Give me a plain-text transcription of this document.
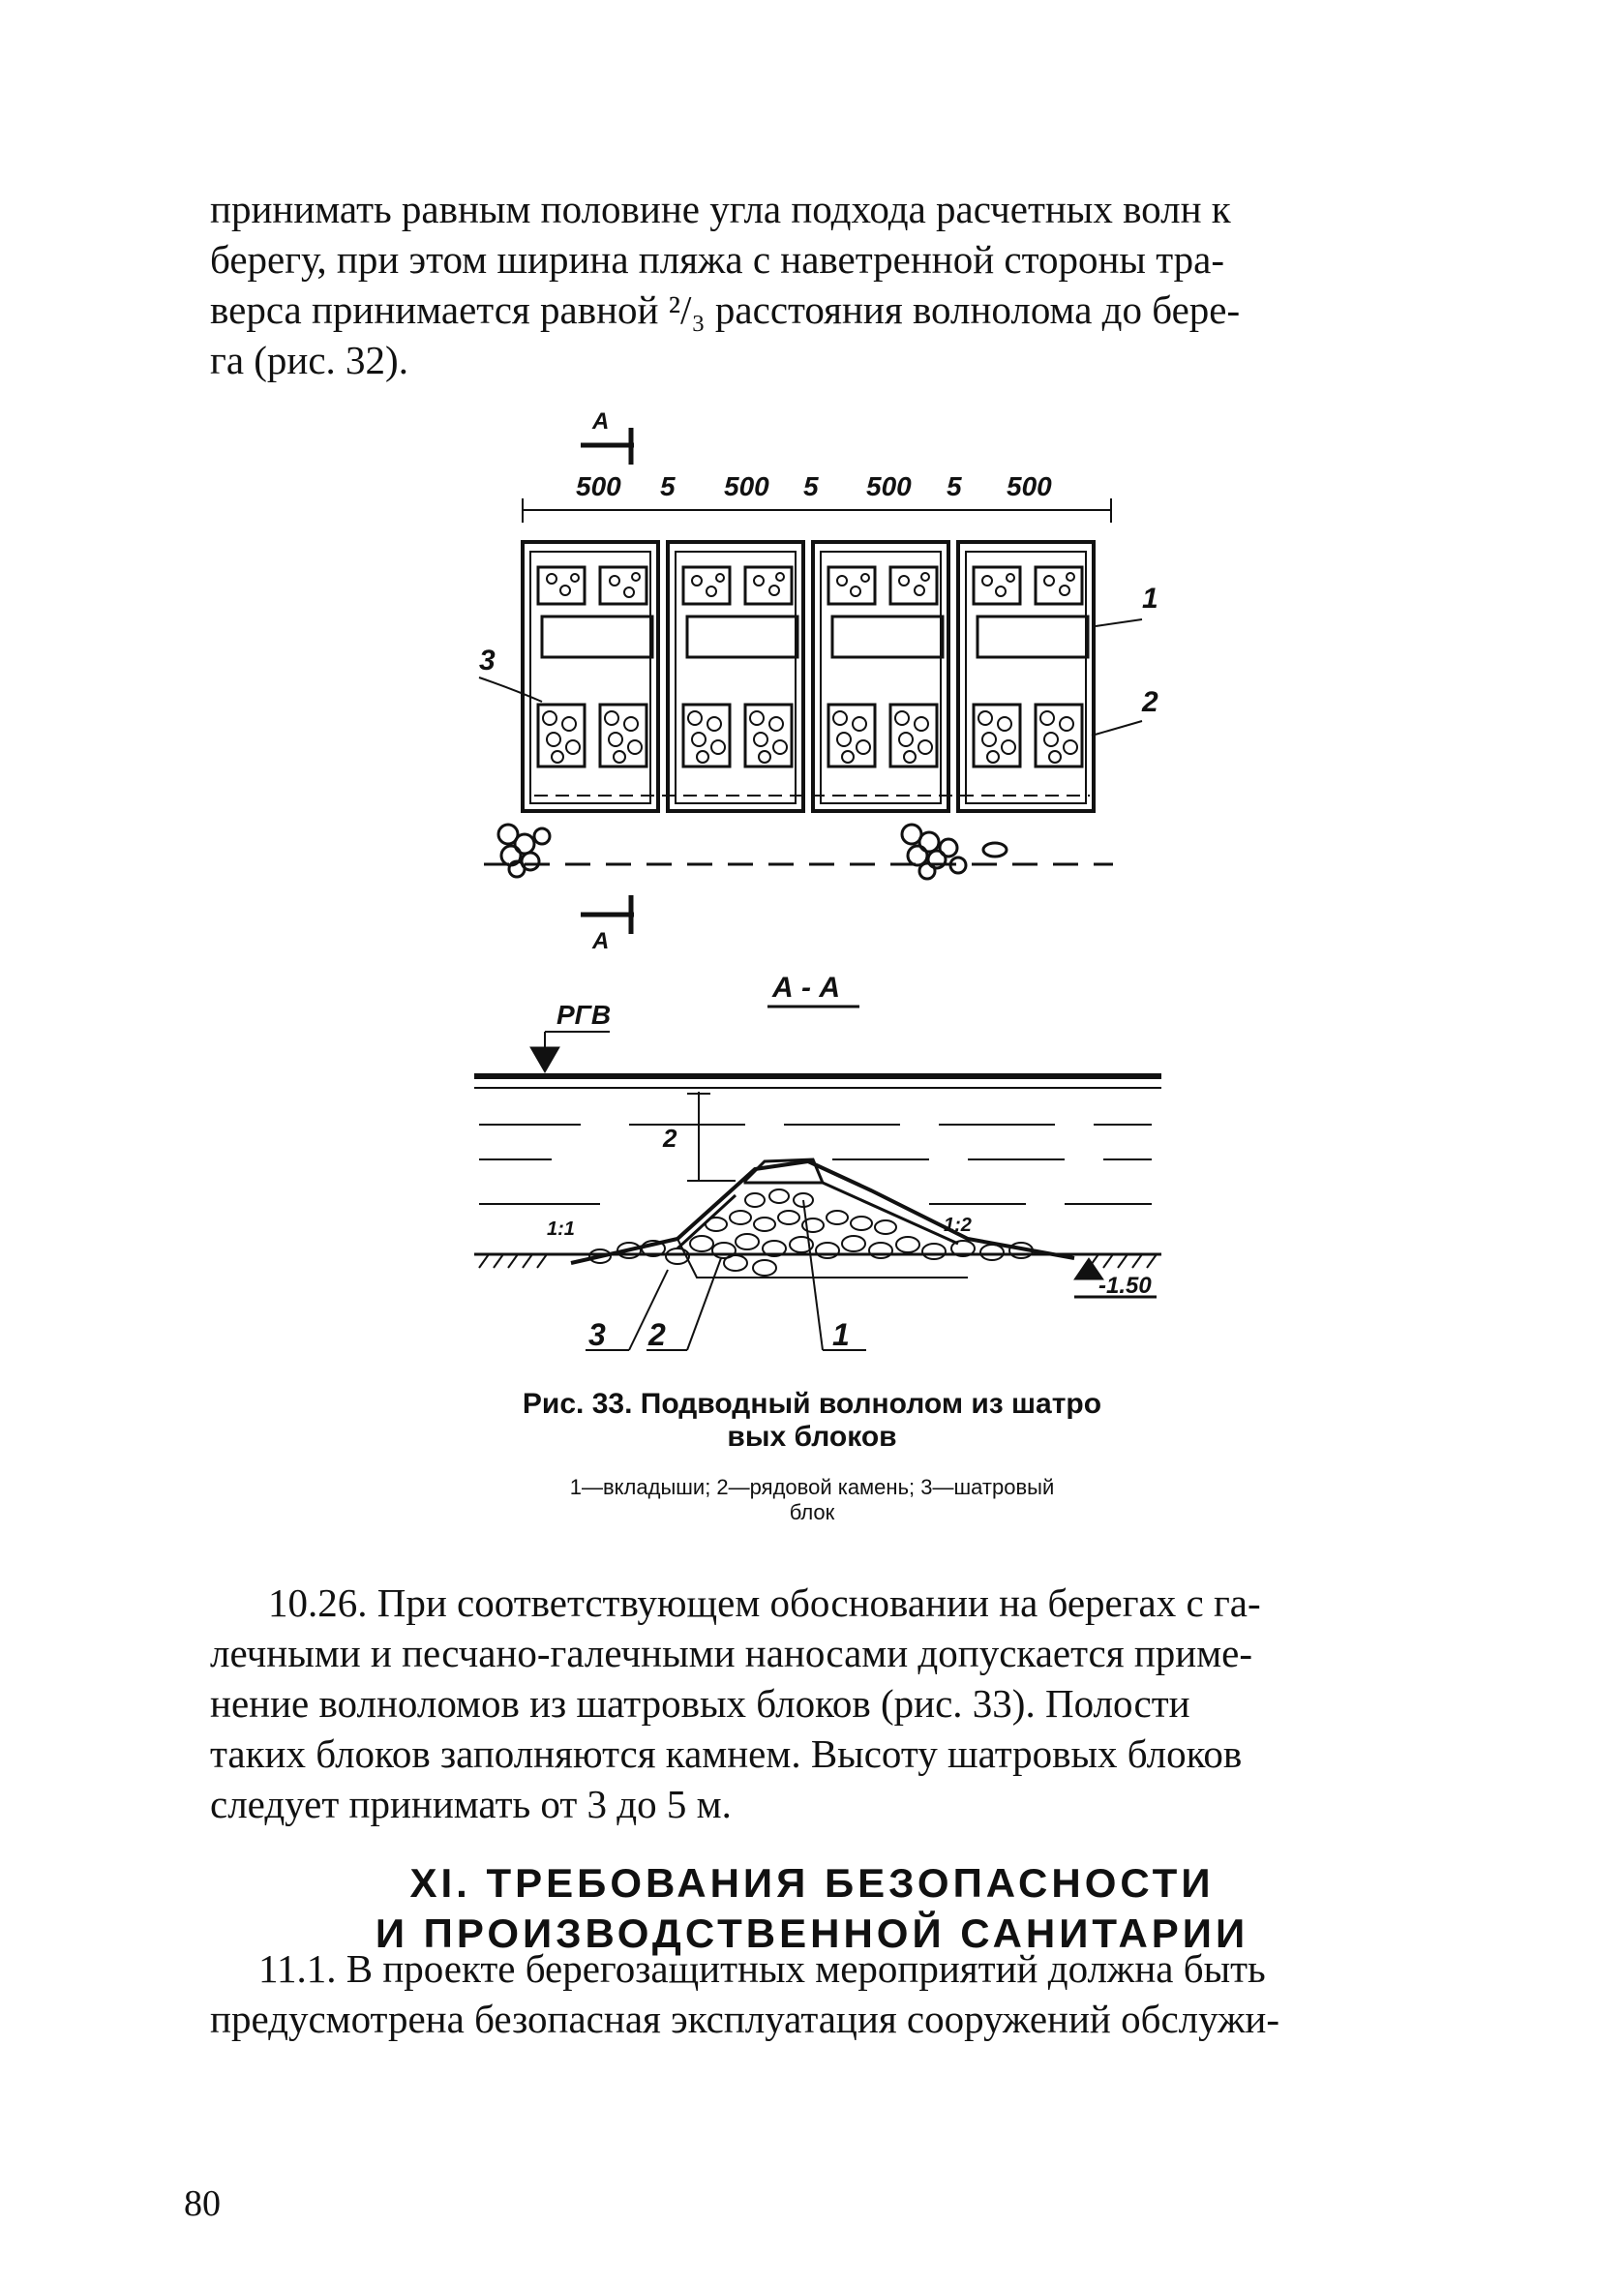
принимать равным половине угла подхода расчетных волн к
берегу, при этом ширина пляжа с наветренной стороны тра-
верса принимается равной ²/₃ расстояния волнолома до бере-
га (рис. 32).
А
500 5 500 5 500 5 500
А
1
2
3
А - А
РГВ
2
1:1	1:2
-1.50
3 2	1
Рис. 33. Подводный волнолом из шатро
вых блоков
1—вкладыши; 2—рядовой камень; 3—шатровый
блок
10.26. При соответствующем обосновании на берегах с га-
лечными и песчано-галечными наносами допускается приме-
нение волноломов из шатровых блоков (рис. 33). Полости
таких блоков заполняются камнем. Высоту шатровых блоков
следует принимать от 3 до 5 м.
XI. ТРЕБОВАНИЯ БЕЗОПАСНОСТИ
И ПРОИЗВОДСТВЕННОЙ САНИТАРИИ
11.1. В проекте берегозащитных мероприятий должна быть
предусмотрена безопасная эксплуатация сооружений обслужи-
80
